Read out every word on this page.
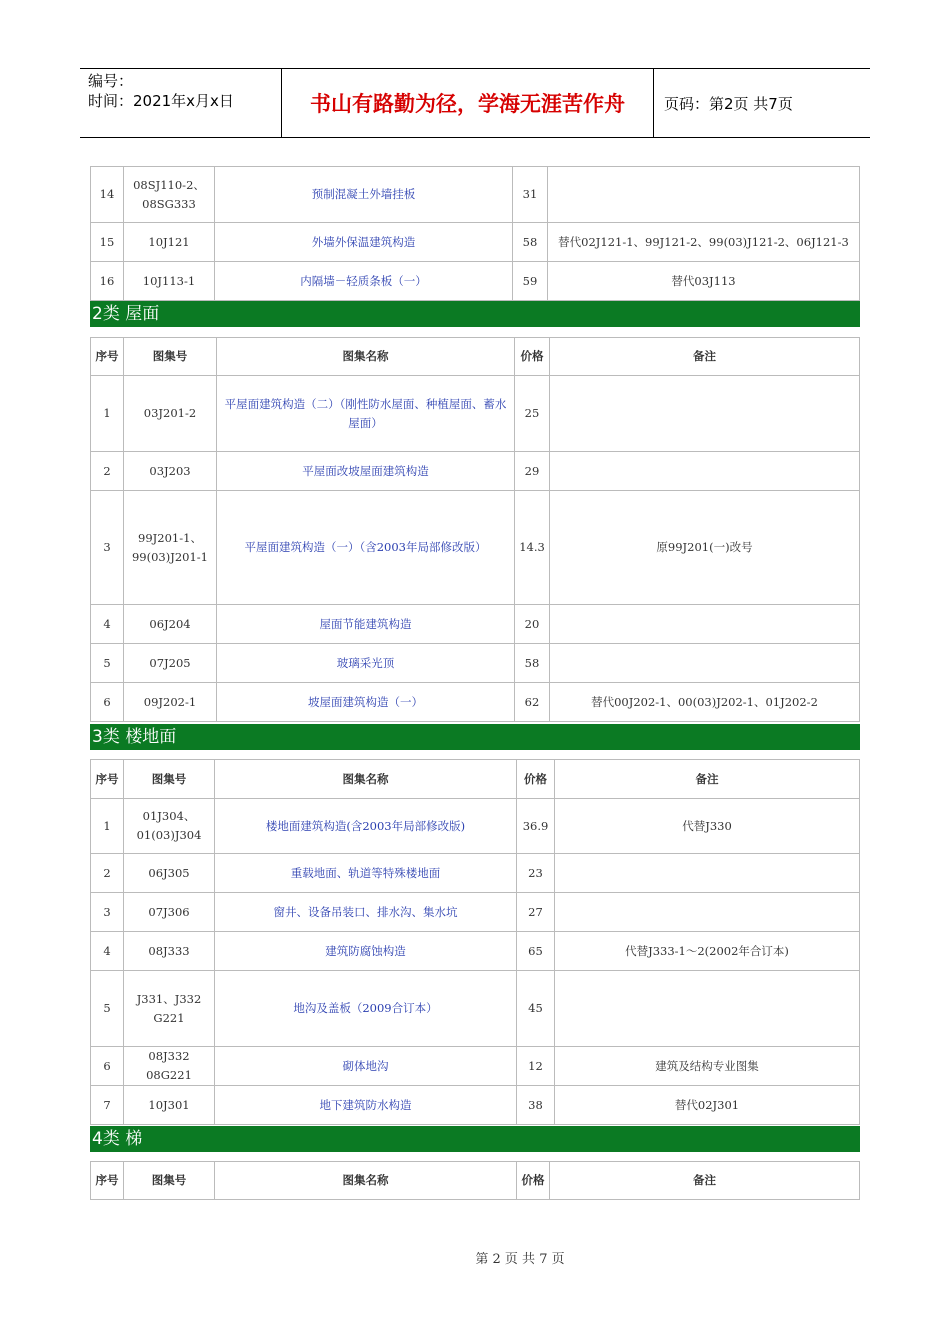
编号：
时间：2021年x月x日	书山有路勤为径，学海无涯苦作舟	页码：第2页 共7页
14	08SJ110-2、08SG333	预制混凝土外墙挂板	31	
15	10J121	外墙外保温建筑构造	58	替代02J121-1、99J121-2、99(03)J121-2、06J121-3
16	10J113-1	内隔墙－轻质条板（一）	59	替代03J113
2类 屋面
序号	图集号	图集名称	价格	备注
1	03J201-2	平屋面建筑构造（二）（刚性防水屋面、种植屋面、蓄水屋面）	25	
2	03J203	平屋面改坡屋面建筑构造	29	
3	99J201-1、99(03)J201-1	平屋面建筑构造（一）（含2003年局部修改版）	14.3	原99J201(一)改号
4	06J204	屋面节能建筑构造	20	
5	07J205	玻璃采光顶	58	
6	09J202-1	坡屋面建筑构造（一）	62	替代00J202-1、00(03)J202-1、01J202-2
3类 楼地面
序号	图集号	图集名称	价格	备注
1	01J304、01(03)J304	楼地面建筑构造(含2003年局部修改版)	36.9	代替J330
2	06J305	重载地面、轨道等特殊楼地面	23	
3	07J306	窗井、设备吊装口、排水沟、集水坑	27	
4	08J333	建筑防腐蚀构造	65	代替J333-1～2(2002年合订本)
5	J331、J332 G221	地沟及盖板（2009合订本）	45	
6	08J332 08G221	砌体地沟	12	建筑及结构专业图集
7	10J301	地下建筑防水构造	38	替代02J301
4类 梯
序号	图集号	图集名称	价格	备注
第 2 页 共 7 页
